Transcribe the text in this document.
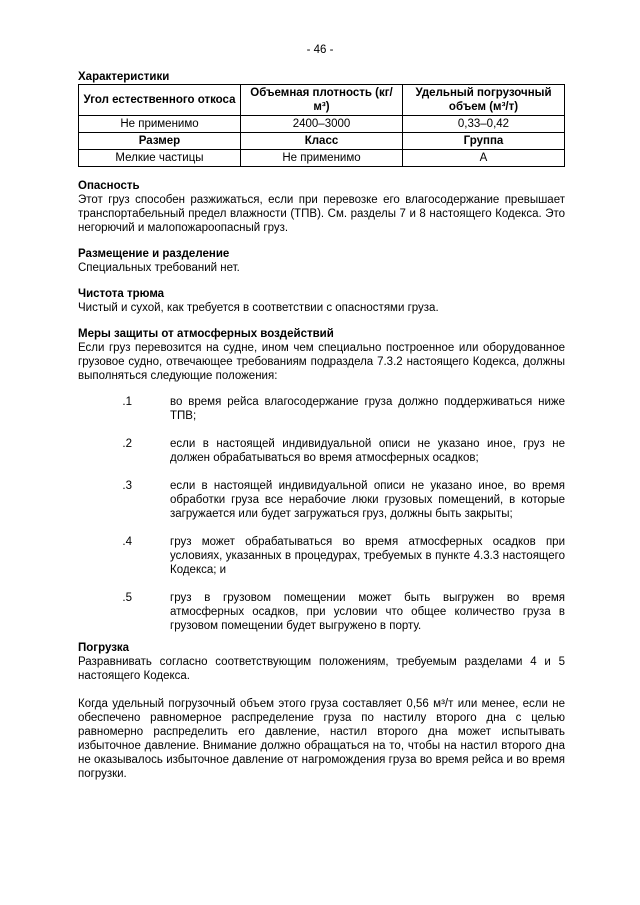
- 46 -
Характеристики
Угол естественного откоса	Объемная плотность (кг/м³)	Удельный погрузочный объем (м³/т)
Не применимо	2400–3000	0,33–0,42
Размер	Класс	Группа
Мелкие частицы	Не применимо	A
Опасность

Этот груз способен разжижаться, если при перевозке его влагосодержание превышает транспортабельный предел влажности (ТПВ). См. разделы 7 и 8 настоящего Кодекса. Это негорючий и малопожароопасный груз.

Размещение и разделение

Специальных требований нет.

Чистота трюма

Чистый и сухой, как требуется в соответствии с опасностями груза.

Меры защиты от атмосферных воздействий

Если груз перевозится на судне, ином чем специально построенное или оборудованное грузовое судно, отвечающее требованиям подраздела 7.3.2 настоящего Кодекса, должны выполняться следующие положения:

.1	во время рейса влагосодержание груза должно поддерживаться ниже ТПВ;

.2	если в настоящей индивидуальной описи не указано иное, груз не должен обрабатываться во время атмосферных осадков;

.3	если в настоящей индивидуальной описи не указано иное, во время обработки груза все нерабочие люки грузовых помещений, в которые загружается или будет загружаться груз, должны быть закрыты;

.4	груз может обрабатываться во время атмосферных осадков при условиях, указанных в процедурах, требуемых в пункте 4.3.3 настоящего Кодекса; и

.5	груз в грузовом помещении может быть выгружен во время атмосферных осадков, при условии что общее количество груза в грузовом помещении будет выгружено в порту.

Погрузка

Разравнивать согласно соответствующим положениям, требуемым разделами 4 и 5 настоящего Кодекса.

Когда удельный погрузочный объем этого груза составляет 0,56 м³/т или менее, если не обеспечено равномерное распределение груза по настилу второго дна с целью равномерно распределить его давление, настил второго дна может испытывать избыточное давление. Внимание должно обращаться на то, чтобы на настил второго дна не оказывалось избыточное давление от нагромождения груза во время рейса и во время погрузки.
